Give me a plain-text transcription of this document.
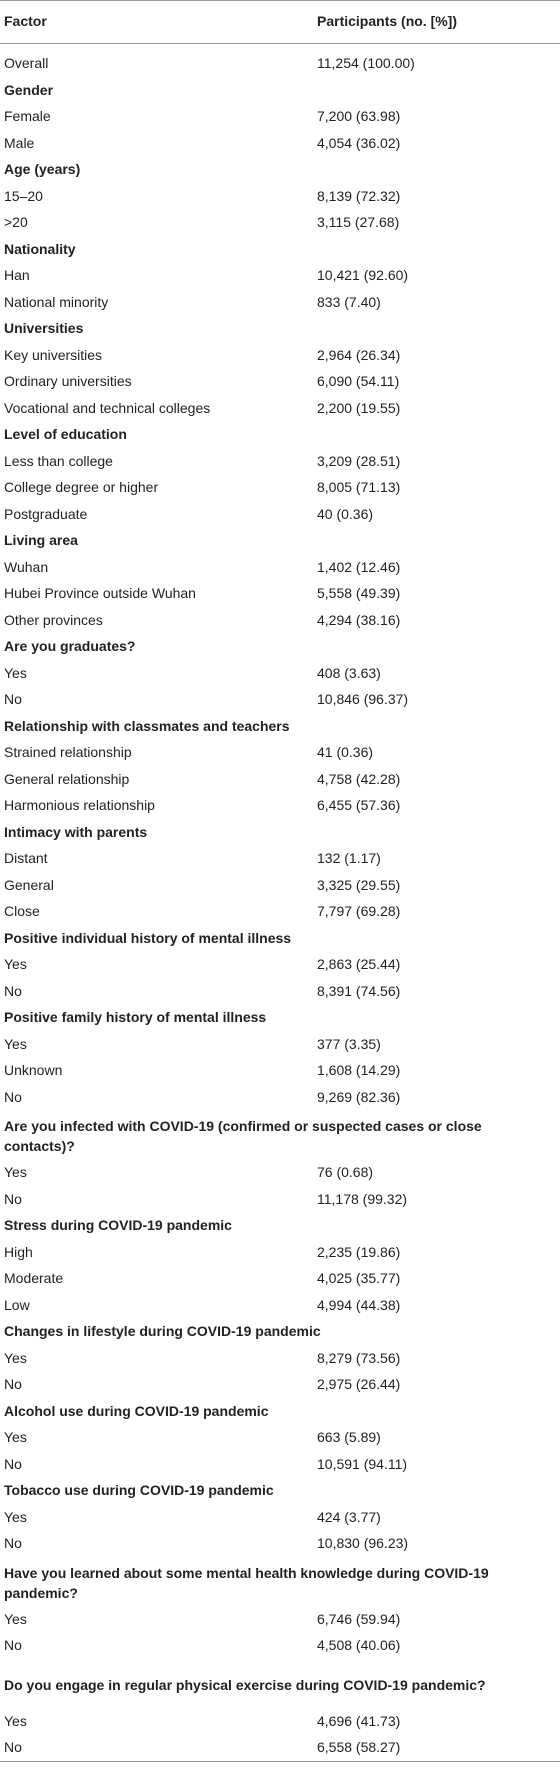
Factor	Participants (no. [%])
Overall	11,254 (100.00)
Gender	
Female	7,200 (63.98)
Male	4,054 (36.02)
Age (years)	
15–20	8,139 (72.32)
>20	3,115 (27.68)
Nationality	
Han	10,421 (92.60)
National minority	833 (7.40)
Universities	
Key universities	2,964 (26.34)
Ordinary universities	6,090 (54.11)
Vocational and technical colleges	2,200 (19.55)
Level of education	
Less than college	3,209 (28.51)
College degree or higher	8,005 (71.13)
Postgraduate	40 (0.36)
Living area	
Wuhan	1,402 (12.46)
Hubei Province outside Wuhan	5,558 (49.39)
Other provinces	4,294 (38.16)
Are you graduates?	
Yes	408 (3.63)
No	10,846 (96.37)
Relationship with classmates and teachers	
Strained relationship	41 (0.36)
General relationship	4,758 (42.28)
Harmonious relationship	6,455 (57.36)
Intimacy with parents	
Distant	132 (1.17)
General	3,325 (29.55)
Close	7,797 (69.28)
Positive individual history of mental illness	
Yes	2,863 (25.44)
No	8,391 (74.56)
Positive family history of mental illness	
Yes	377 (3.35)
Unknown	1,608 (14.29)
No	9,269 (82.36)
Are you infected with COVID-19 (confirmed or suspected cases or close contacts)?	
Yes	76 (0.68)
No	11,178 (99.32)
Stress during COVID-19 pandemic	
High	2,235 (19.86)
Moderate	4,025 (35.77)
Low	4,994 (44.38)
Changes in lifestyle during COVID-19 pandemic	
Yes	8,279 (73.56)
No	2,975 (26.44)
Alcohol use during COVID-19 pandemic	
Yes	663 (5.89)
No	10,591 (94.11)
Tobacco use during COVID-19 pandemic	
Yes	424 (3.77)
No	10,830 (96.23)
Have you learned about some mental health knowledge during COVID-19 pandemic?	
Yes	6,746 (59.94)
No	4,508 (40.06)
Do you engage in regular physical exercise during COVID-19 pandemic?	
Yes	4,696 (41.73)
No	6,558 (58.27)
